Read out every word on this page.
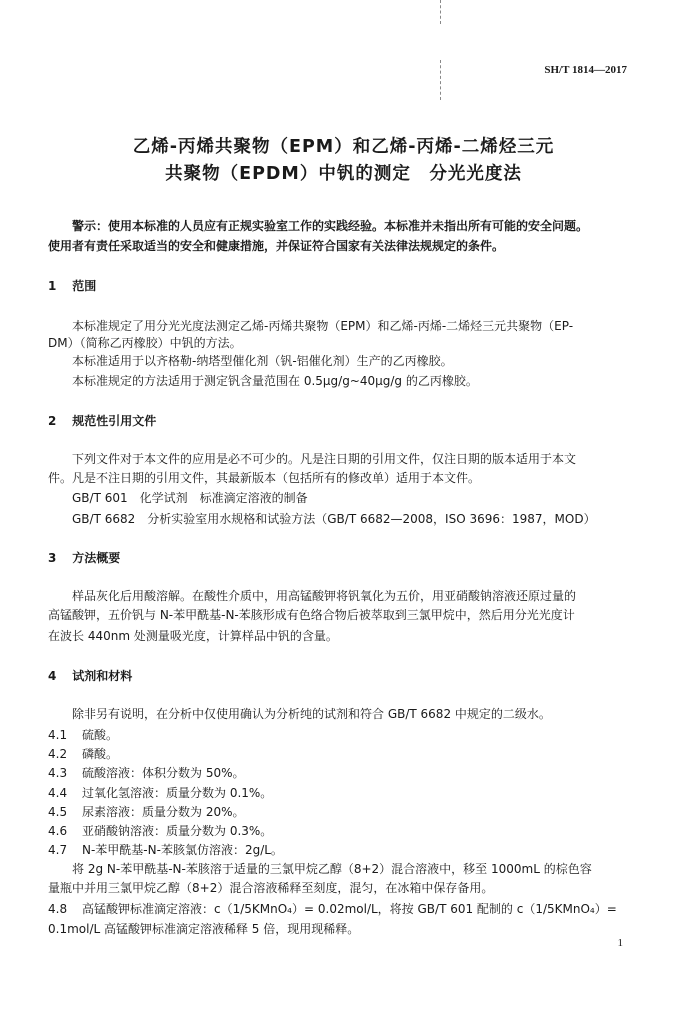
SH/T 1814—2017
乙烯-丙烯共聚物（EPM）和乙烯-丙烯-二烯烃三元
共聚物（EPDM）中钒的测定　分光光度法
警示：使用本标准的人员应有正规实验室工作的实践经验。本标准并未指出所有可能的安全问题。
使用者有责任采取适当的安全和健康措施，并保证符合国家有关法律法规规定的条件。
1 范围
本标准规定了用分光光度法测定乙烯-丙烯共聚物（EPM）和乙烯-丙烯-二烯烃三元共聚物（EP-
DM）（简称乙丙橡胶）中钒的方法。
本标准适用于以齐格勒-纳塔型催化剂（钒-铝催化剂）生产的乙丙橡胶。
本标准规定的方法适用于测定钒含量范围在 0.5μg/g~40μg/g 的乙丙橡胶。
2 规范性引用文件
下列文件对于本文件的应用是必不可少的。凡是注日期的引用文件，仅注日期的版本适用于本文
件。凡是不注日期的引用文件，其最新版本（包括所有的修改单）适用于本文件。
GB/T 601　化学试剂　标准滴定溶液的制备
GB/T 6682　分析实验室用水规格和试验方法（GB/T 6682—2008，ISO 3696：1987，MOD）
3 方法概要
样品灰化后用酸溶解。在酸性介质中，用高锰酸钾将钒氧化为五价，用亚硝酸钠溶液还原过量的
高锰酸钾，五价钒与 N-苯甲酰基-N-苯胲形成有色络合物后被萃取到三氯甲烷中，然后用分光光度计
在波长 440nm 处测量吸光度，计算样品中钒的含量。
4 试剂和材料
除非另有说明，在分析中仅使用确认为分析纯的试剂和符合 GB/T 6682 中规定的二级水。
4.1 硫酸。
4.2 磷酸。
4.3 硫酸溶液：体积分数为 50%。
4.4 过氧化氢溶液：质量分数为 0.1%。
4.5 尿素溶液：质量分数为 20%。
4.6 亚硝酸钠溶液：质量分数为 0.3%。
4.7 N-苯甲酰基-N-苯胲氯仿溶液：2g/L。
将 2g N-苯甲酰基-N-苯胲溶于适量的三氯甲烷乙醇（8+2）混合溶液中，移至 1000mL 的棕色容
量瓶中并用三氯甲烷乙醇（8+2）混合溶液稀释至刻度，混匀，在冰箱中保存备用。
4.8 高锰酸钾标准滴定溶液：c（1/5KMnO₄）= 0.02mol/L，将按 GB/T 601 配制的 c（1/5KMnO₄）=
0.1mol/L 高锰酸钾标准滴定溶液稀释 5 倍，现用现稀释。
1
